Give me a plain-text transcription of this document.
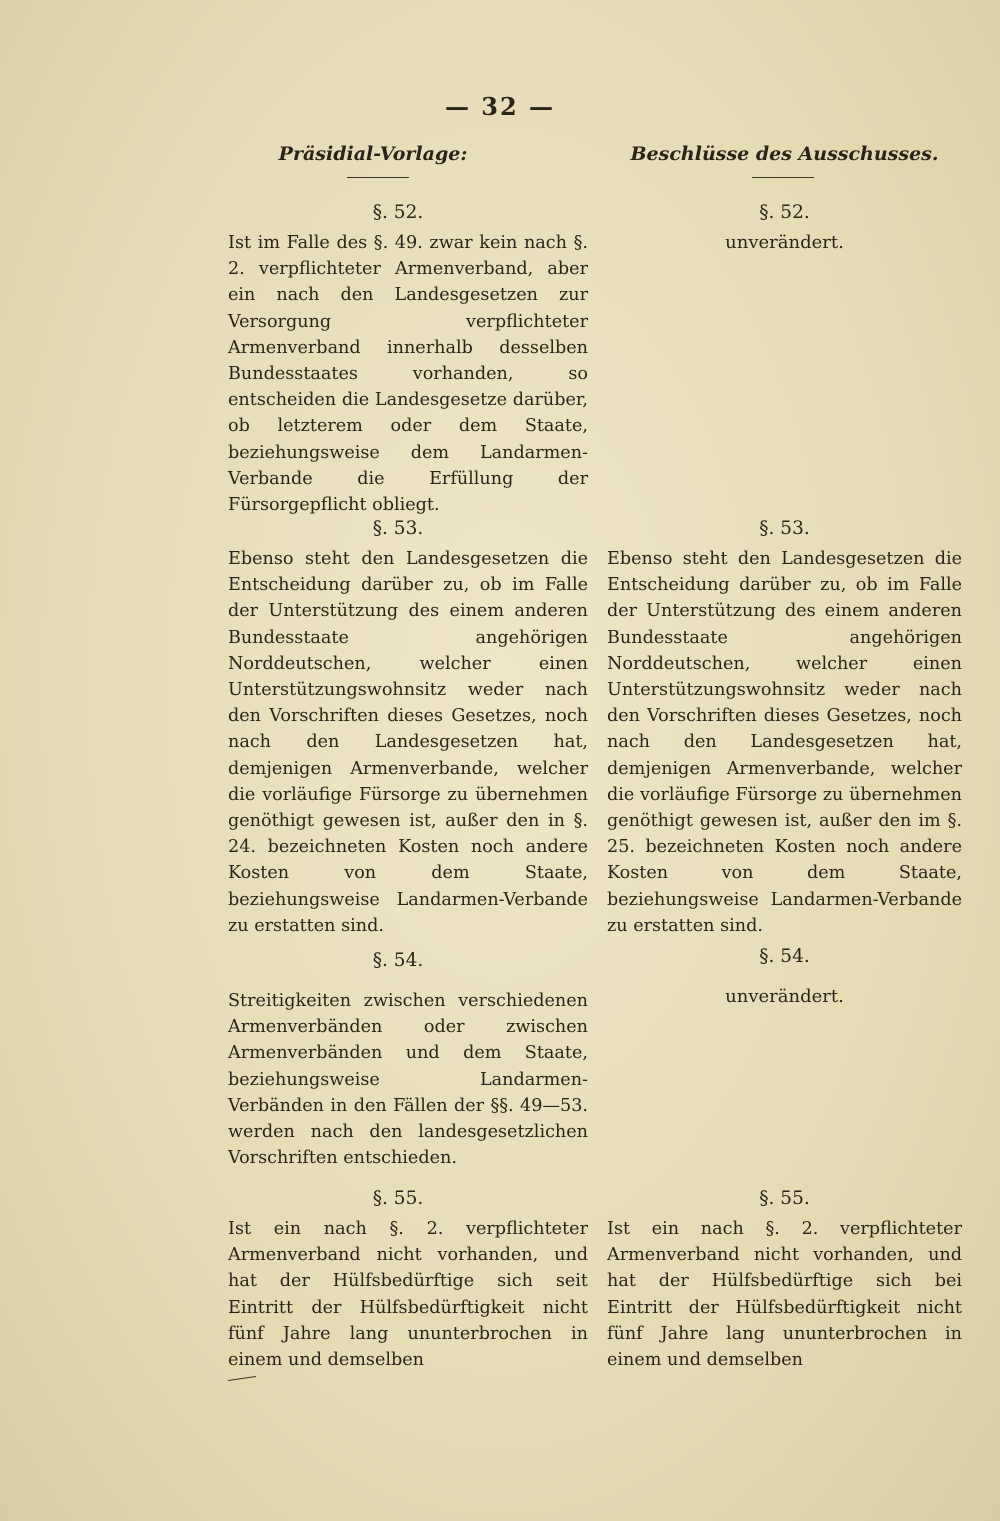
— 32 —
Präsidial-Vorlage:
§. 52.

Ist im Falle des §. 49. zwar kein nach §. 2. verpflichteter Armenverband, aber ein nach den Landesgesetzen zur Versorgung verpflichteter Armenverband innerhalb desselben Bundesstaates vorhanden, so entscheiden die Landesgesetze darüber, ob letzterem oder dem Staate, beziehungsweise dem Landarmen-Verbande die Erfüllung der Fürsorgepflicht obliegt.

§. 53.

Ebenso steht den Landesgesetzen die Entscheidung darüber zu, ob im Falle der Unterstützung des einem anderen Bundesstaate angehörigen Norddeutschen, welcher einen Unterstützungswohnsitz weder nach den Vorschriften dieses Gesetzes, noch nach den Landesgesetzen hat, demjenigen Armenverbande, welcher die vorläufige Fürsorge zu übernehmen genöthigt gewesen ist, außer den in §. 24. bezeichneten Kosten noch andere Kosten von dem Staate, beziehungsweise Landarmen-Verbande zu erstatten sind.

§. 54.

Streitigkeiten zwischen verschiedenen Armenverbänden oder zwischen Armenverbänden und dem Staate, beziehungsweise Landarmen-Verbänden in den Fällen der §§. 49—53. werden nach den landesgesetzlichen Vorschriften entschieden.

§. 55.

Ist ein nach §. 2. verpflichteter Armenverband nicht vorhanden, und hat der Hülfsbedürftige sich seit Eintritt der Hülfsbedürftigkeit nicht fünf Jahre lang ununterbrochen in einem und demselben

Beschlüsse des Ausschusses.
§. 52.
unverändert.
§. 53.

Ebenso steht den Landesgesetzen die Entscheidung darüber zu, ob im Falle der Unterstützung des einem anderen Bundesstaate angehörigen Norddeutschen, welcher einen Unterstützungswohnsitz weder nach den Vorschriften dieses Gesetzes, noch nach den Landesgesetzen hat, demjenigen Armenverbande, welcher die vorläufige Fürsorge zu übernehmen genöthigt gewesen ist, außer den im §. 25. bezeichneten Kosten noch andere Kosten von dem Staate, beziehungsweise Landarmen-Verbande zu erstatten sind.

§. 54.
unverändert.
§. 55.

Ist ein nach §. 2. verpflichteter Armenverband nicht vorhanden, und hat der Hülfsbedürftige sich bei Eintritt der Hülfsbedürftigkeit nicht fünf Jahre lang ununterbrochen in einem und demselben
